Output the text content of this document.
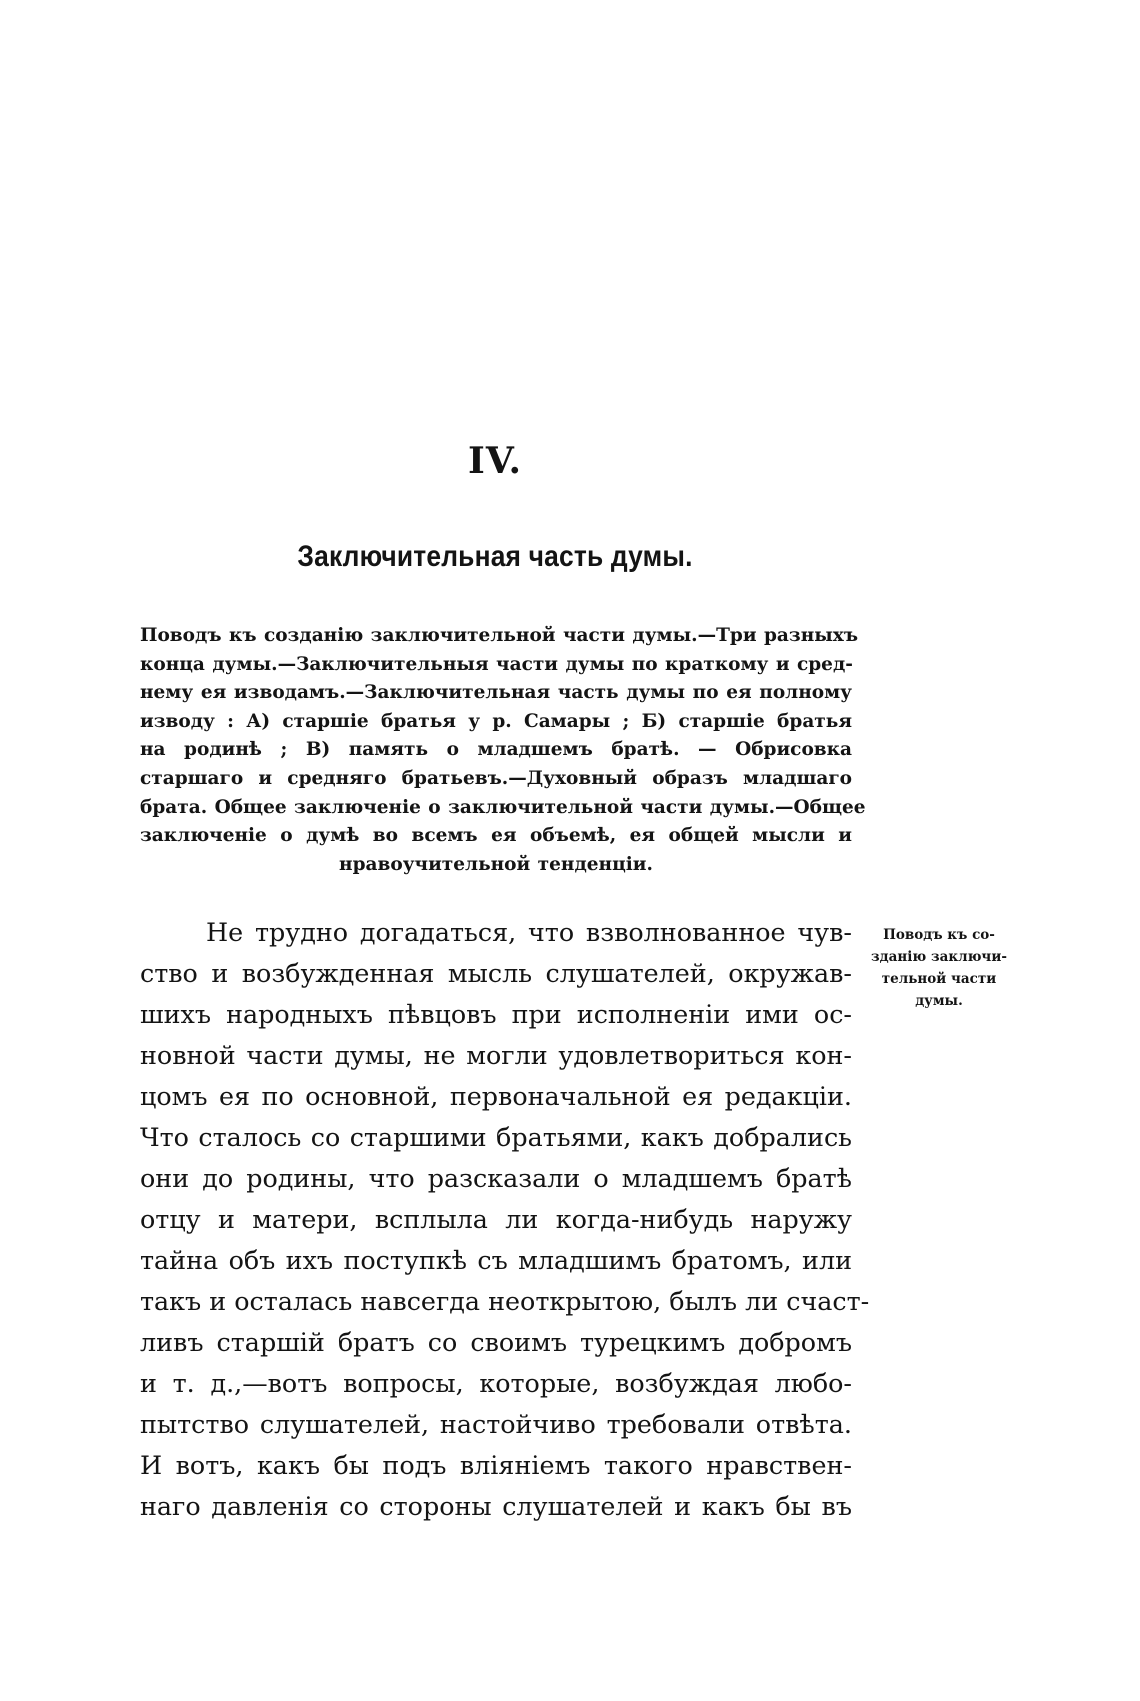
IV.
Заключительная часть думы.
Поводъ къ созданію заключительной части думы.—Три разныхъ
конца думы.—Заключительныя части думы по краткому и сред-
нему ея изводамъ.—Заключительная часть думы по ея полному
изводу : А) старшіе братья у р. Самары ; Б) старшіе братья
на родинѣ ; В) память о младшемъ братѣ. — Обрисовка
старшаго и средняго братьевъ.—Духовный образъ младшаго
брата. Общее заключеніе о заключительной части думы.—Общее
заключеніе о думѣ во всемъ ея объемѣ, ея общей мысли и
нравоучительной тенденціи.
Не трудно догадаться, что взволнованное чув-
ство и возбужденная мысль слушателей, окружав-
шихъ народныхъ пѣвцовъ при исполненіи ими ос-
новной части думы, не могли удовлетвориться кон-
цомъ ея по основной, первоначальной ея редакціи.
Что сталось со старшими братьями, какъ добрались
они до родины, что разсказали о младшемъ братѣ
отцу и матери, всплыла ли когда-нибудь наружу
тайна объ ихъ поступкѣ съ младшимъ братомъ, или
такъ и осталась навсегда неоткрытою, былъ ли счаст-
ливъ старшій братъ со своимъ турецкимъ добромъ
и т. д.,—вотъ вопросы, которые, возбуждая любо-
пытство слушателей, настойчиво требовали отвѣта.
И вотъ, какъ бы подъ вліяніемъ такого нравствен-
наго давленія со стороны слушателей и какъ бы въ
Поводъ къ со-
зданію заключи-
тельной части
думы.
